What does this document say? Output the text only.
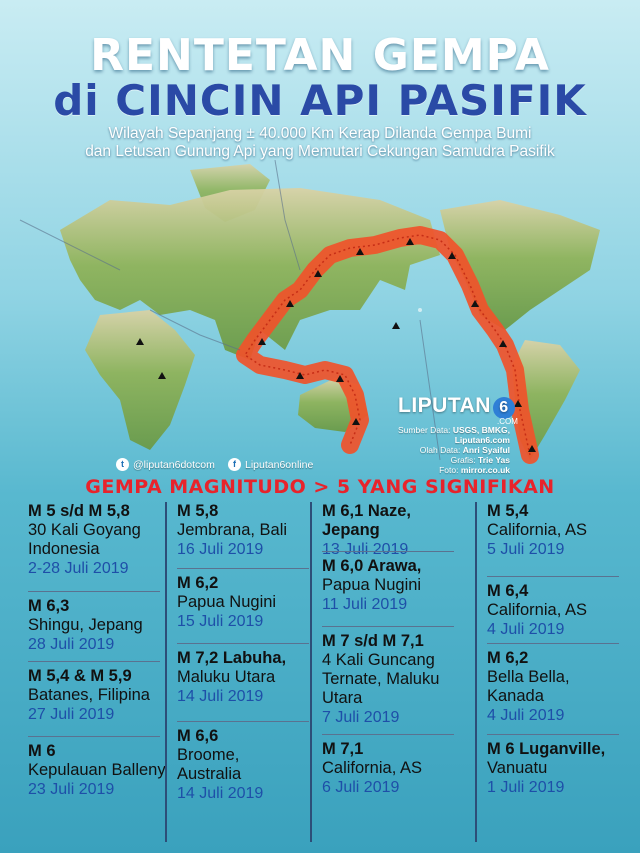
RENTETAN GEMPA
di CINCIN API PASIFIK
Wilayah Sepanjang ± 40.000 Km Kerap Dilanda Gempa Bumi
dan Letusan Gunung Api yang Memutari Cekungan Samudra Pasifik
LIPUTAN 6
.COM
Sumber Data: USGS, BMKG,
Liputan6.com
Olah Data: Anri Syaiful
Grafis: Trie Yas
Foto: mirror.co.uk
t @liputan6dotcom	f Liputan6online
GEMPA MAGNITUDO > 5 YANG SIGNIFIKAN
M 5 s/d M 5,8
30 Kali Goyang
Indonesia
2-28 Juli 2019
M 6,3
Shingu, Jepang
28 Juli 2019
M 5,4 & M 5,9
Batanes, Filipina
27 Juli 2019
M 6
Kepulauan Balleny
23 Juli 2019
M 5,8
Jembrana, Bali
16 Juli 2019
M 6,2
Papua Nugini
15 Juli 2019
M 7,2 Labuha,
Maluku Utara
14 Juli 2019
M 6,6
Broome,
Australia
14 Juli 2019
M 6,1 Naze, Jepang
13 Juli 2019
M 6,0 Arawa,
Papua Nugini
11 Juli 2019
M 7 s/d M 7,1
4 Kali Guncang
Ternate, Maluku
Utara
7 Juli 2019
M 7,1
California, AS
6 Juli 2019
M 5,4
California, AS
5 Juli 2019
M 6,4
California, AS
4 Juli 2019
M 6,2
Bella Bella,
Kanada
4 Juli 2019
M 6 Luganville,
Vanuatu
1 Juli 2019
